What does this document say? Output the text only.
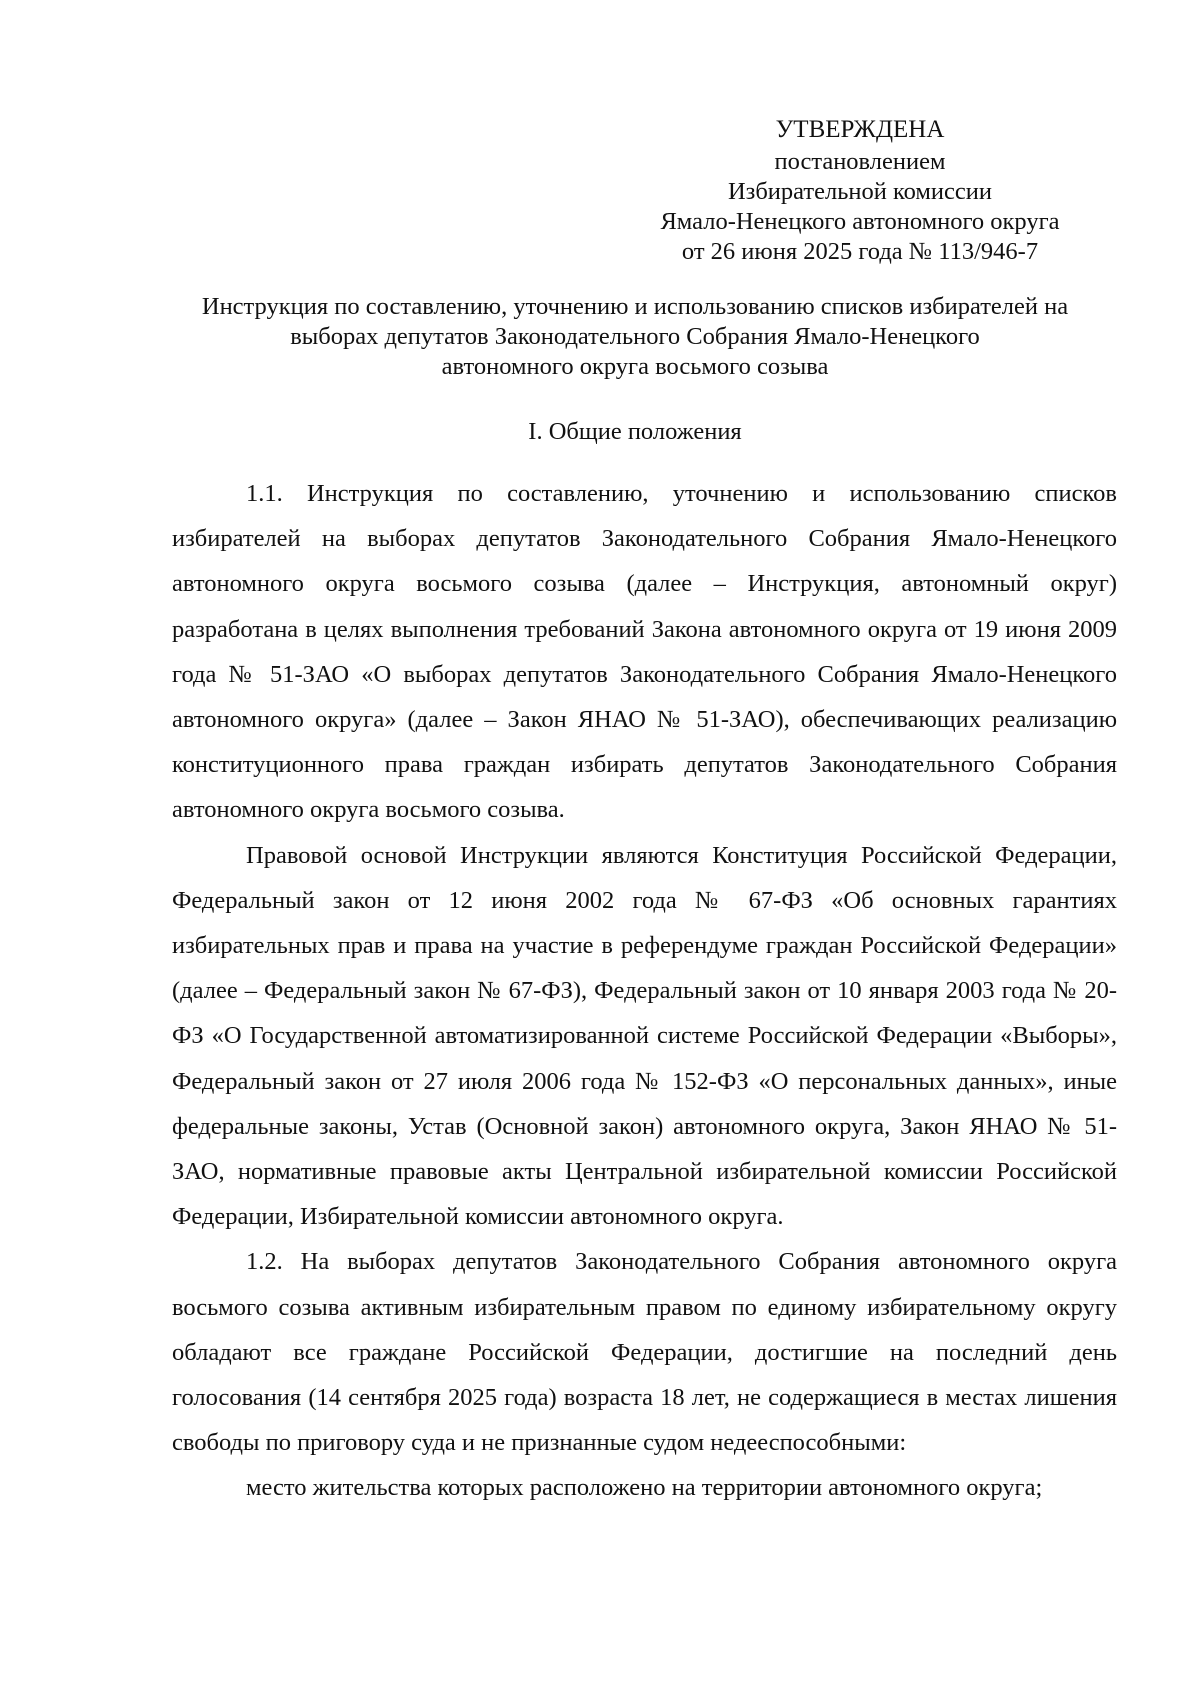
УТВЕРЖДЕНА
постановлением
Избирательной комиссии
Ямало-Ненецкого автономного округа
от 26 июня 2025 года № 113/946-7
Инструкция по составлению, уточнению и использованию списков избирателей на
выборах депутатов Законодательного Собрания Ямало-Ненецкого
автономного округа восьмого созыва
I. Общие положения

1.1. Инструкция по составлению, уточнению и использованию списков избирателей на выборах депутатов Законодательного Собрания Ямало-Ненецкого автономного округа восьмого созыва (далее – Инструкция, автономный округ) разработана в целях выполнения требований Закона автономного округа от 19 июня 2009 года № 51-ЗАО «О выборах депутатов Законодательного Собрания Ямало-Ненецкого автономного округа» (далее – Закон ЯНАО № 51-ЗАО), обеспечивающих реализацию конституционного права граждан избирать депутатов Законодательного Собрания автономного округа восьмого созыва.

Правовой основой Инструкции являются Конституция Российской Федерации, Федеральный закон от 12 июня 2002 года № 67-ФЗ «Об основных гарантиях избирательных прав и права на участие в референдуме граждан Российской Федерации» (далее – Федеральный закон № 67-ФЗ), Федеральный закон от 10 января 2003 года № 20-ФЗ «О Государственной автоматизированной системе Российской Федерации «Выборы», Федеральный закон от 27 июля 2006 года № 152-ФЗ «О персональных данных», иные федеральные законы, Устав (Основной закон) автономного округа, Закон ЯНАО № 51-ЗАО, нормативные правовые акты Центральной избирательной комиссии Российской Федерации, Избирательной комиссии автономного округа.

1.2. На выборах депутатов Законодательного Собрания автономного округа восьмого созыва активным избирательным правом по единому избирательному округу обладают все граждане Российской Федерации, достигшие на последний день голосования (14 сентября 2025 года) возраста 18 лет, не содержащиеся в местах лишения свободы по приговору суда и не признанные судом недееспособными:

место жительства которых расположено на территории автономного округа;
